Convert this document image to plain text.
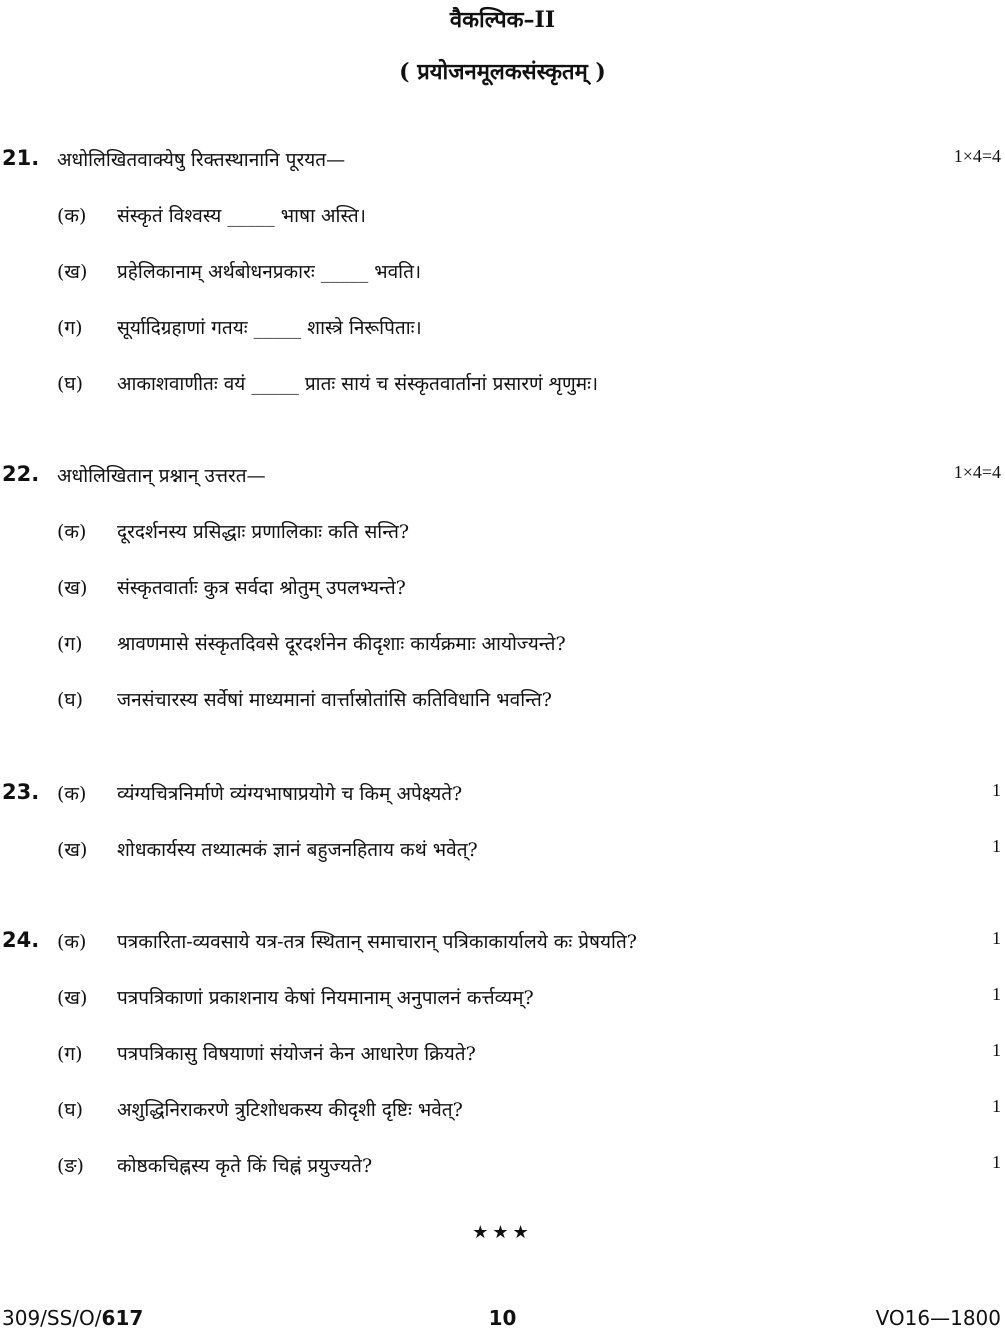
वैकल्पिक–II
( प्रयोजनमूलकसंस्कृतम् )
21. अधोलिखितवाक्येषु रिक्तस्थानानि पूरयत—	1×4=4
(क) संस्कृतं विश्वस्य _____ भाषा अस्ति।
(ख) प्रहेलिकानाम् अर्थबोधनप्रकारः _____ भवति।
(ग) सूर्यादिग्रहाणां गतयः _____ शास्त्रे निरूपिताः।
(घ) आकाशवाणीतः वयं _____ प्रातः सायं च संस्कृतवार्तानां प्रसारणं शृणुमः।
22. अधोलिखितान् प्रश्नान् उत्तरत—	1×4=4
(क) दूरदर्शनस्य प्रसिद्धाः प्रणालिकाः कति सन्ति?
(ख) संस्कृतवार्ताः कुत्र सर्वदा श्रोतुम् उपलभ्यन्ते?
(ग) श्रावणमासे संस्कृतदिवसे दूरदर्शनेन कीदृशाः कार्यक्रमाः आयोज्यन्ते?
(घ) जनसंचारस्य सर्वेषां माध्यमानां वार्त्तास्रोतांसि कतिविधानि भवन्ति?
23. (क) व्यंग्यचित्रनिर्माणे व्यंग्यभाषाप्रयोगे च किम् अपेक्ष्यते?	1
(ख) शोधकार्यस्य तथ्यात्मकं ज्ञानं बहुजनहिताय कथं भवेत्?	1
24. (क) पत्रकारिता-व्यवसाये यत्र-तत्र स्थितान् समाचारान् पत्रिकाकार्यालये कः प्रेषयति?	1
(ख) पत्रपत्रिकाणां प्रकाशनाय केषां नियमानाम् अनुपालनं कर्त्तव्यम्?	1
(ग) पत्रपत्रिकासु विषयाणां संयोजनं केन आधारेण क्रियते?	1
(घ) अशुद्धिनिराकरणे त्रुटिशोधकस्य कीदृशी दृष्टिः भवेत्?	1
(ङ) कोष्ठकचिह्नस्य कृते किं चिह्नं प्रयुज्यते?	1
★★★
309/SS/O/617	10	VO16—1800
